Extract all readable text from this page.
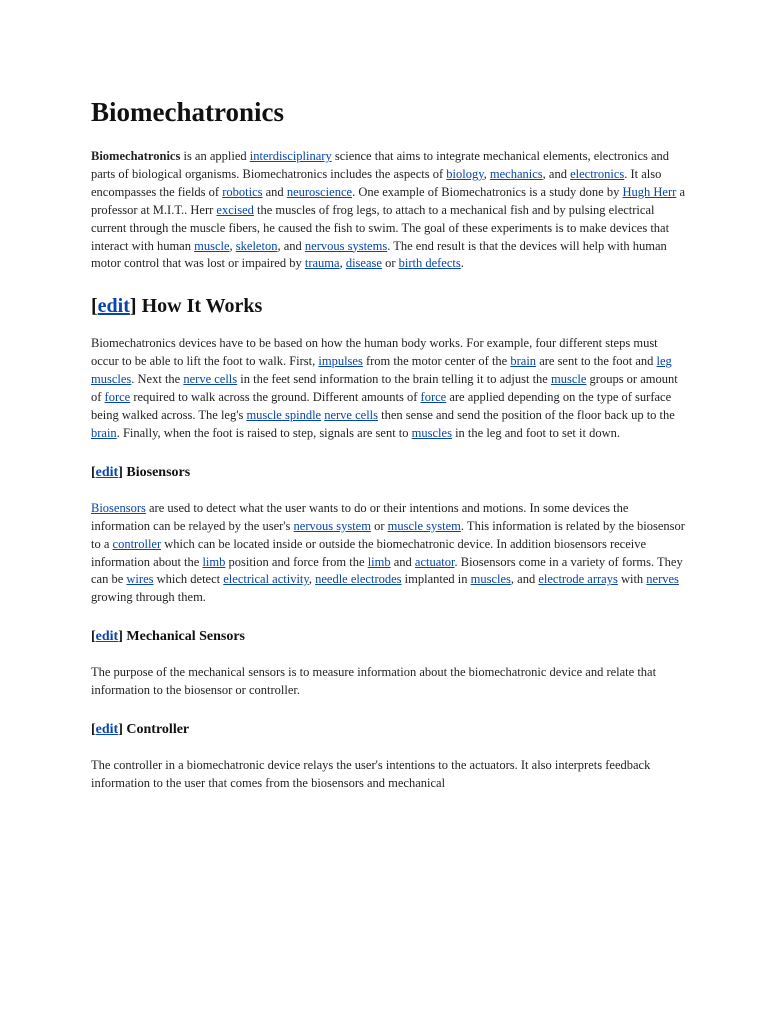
Biomechatronics

Biomechatronics is an applied interdisciplinary science that aims to integrate mechanical elements, electronics and parts of biological organisms. Biomechatronics includes the aspects of biology, mechanics, and electronics. It also encompasses the fields of robotics and neuroscience. One example of Biomechatronics is a study done by Hugh Herr a professor at M.I.T.. Herr excised the muscles of frog legs, to attach to a mechanical fish and by pulsing electrical current through the muscle fibers, he caused the fish to swim. The goal of these experiments is to make devices that interact with human muscle, skeleton, and nervous systems. The end result is that the devices will help with human motor control that was lost or impaired by trauma, disease or birth defects.

[edit] How It Works

Biomechatronics devices have to be based on how the human body works. For example, four different steps must occur to be able to lift the foot to walk. First, impulses from the motor center of the brain are sent to the foot and leg muscles. Next the nerve cells in the feet send information to the brain telling it to adjust the muscle groups or amount of force required to walk across the ground. Different amounts of force are applied depending on the type of surface being walked across. The leg's muscle spindle nerve cells then sense and send the position of the floor back up to the brain. Finally, when the foot is raised to step, signals are sent to muscles in the leg and foot to set it down.

[edit] Biosensors

Biosensors are used to detect what the user wants to do or their intentions and motions. In some devices the information can be relayed by the user's nervous system or muscle system. This information is related by the biosensor to a controller which can be located inside or outside the biomechatronic device. In addition biosensors receive information about the limb position and force from the limb and actuator. Biosensors come in a variety of forms. They can be wires which detect electrical activity, needle electrodes implanted in muscles, and electrode arrays with nerves growing through them.

[edit] Mechanical Sensors

The purpose of the mechanical sensors is to measure information about the biomechatronic device and relate that information to the biosensor or controller.

[edit] Controller

The controller in a biomechatronic device relays the user's intentions to the actuators. It also interprets feedback information to the user that comes from the biosensors and mechanical
